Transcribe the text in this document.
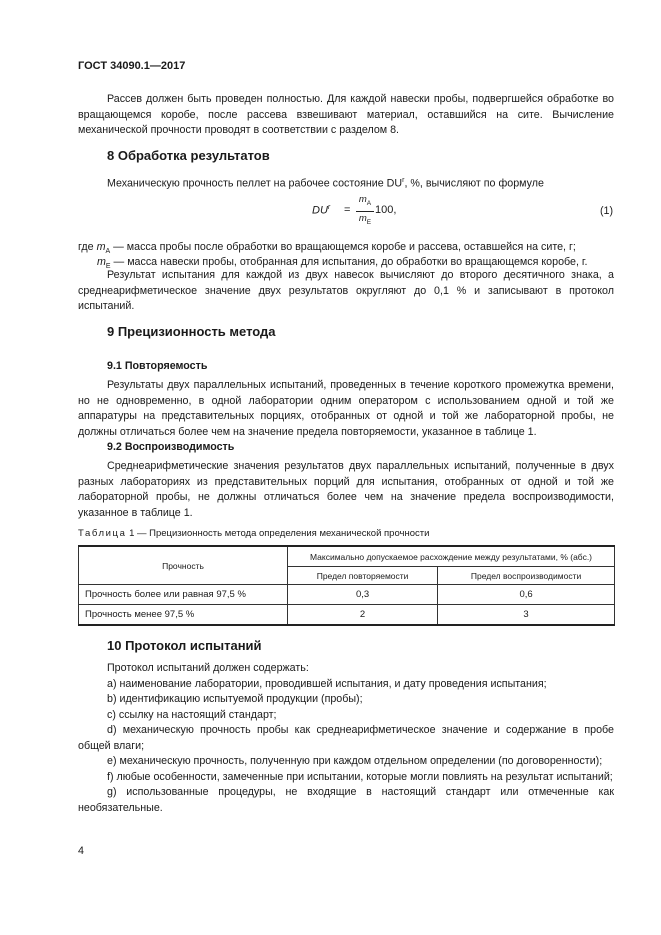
ГОСТ 34090.1—2017
Рассев должен быть проведен полностью. Для каждой навески пробы, подвергшейся обработке во вращающемся коробе, после рассева взвешивают материал, оставшийся на сите. Вычисление механической прочности проводят в соответствии с разделом 8.
8 Обработка результатов
Механическую прочность пеллет на рабочее состояние $DU^r$, %, вычисляют по формуле
$DU^r$ =
$m_A$
$m_E$
100,	(1)
где $m_A$ — масса пробы после обработки во вращающемся коробе и рассева, оставшейся на сите, г;
$m_E$ — масса навески пробы, отобранная для испытания, до обработки во вращающемся коробе, г.
Результат испытания для каждой из двух навесок вычисляют до второго десятичного знака, а среднеарифметическое значение двух результатов округляют до 0,1 % и записывают в протокол испытаний.
9 Прецизионность метода
9.1 Повторяемость
Результаты двух параллельных испытаний, проведенных в течение короткого промежутка времени, но не одновременно, в одной лаборатории одним оператором с использованием одной и той же аппаратуры на представительных порциях, отобранных от одной и той же лабораторной пробы, не должны отличаться более чем на значение предела повторяемости, указанное в таблице 1.
9.2 Воспроизводимость
Среднеарифметические значения результатов двух параллельных испытаний, полученные в двух разных лабораториях из представительных порций для испытания, отобранных от одной и той же лабораторной пробы, не должны отличаться более чем на значение предела воспроизводимости, указанное в таблице 1.
Таблица 1 — Прецизионность метода определения механической прочности
Прочность	Максимально допускаемое расхождение между результатами, % (абс.)	
	Предел повторяемости	Предел воспроизводимости
Прочность более или равная 97,5 %	0,3	0,6
Прочность менее 97,5 %	2	3
10 Протокол испытаний
Протокол испытаний должен содержать:
а) наименование лаборатории, проводившей испытания, и дату проведения испытания;
b) идентификацию испытуемой продукции (пробы);
c) ссылку на настоящий стандарт;
d) механическую прочность пробы как среднеарифметическое значение и содержание в пробе общей влаги;
e) механическую прочность, полученную при каждом отдельном определении (по договоренности);
f) любые особенности, замеченные при испытании, которые могли повлиять на результат испытаний;
g) использованные процедуры, не входящие в настоящий стандарт или отмеченные как необязательные.
4
